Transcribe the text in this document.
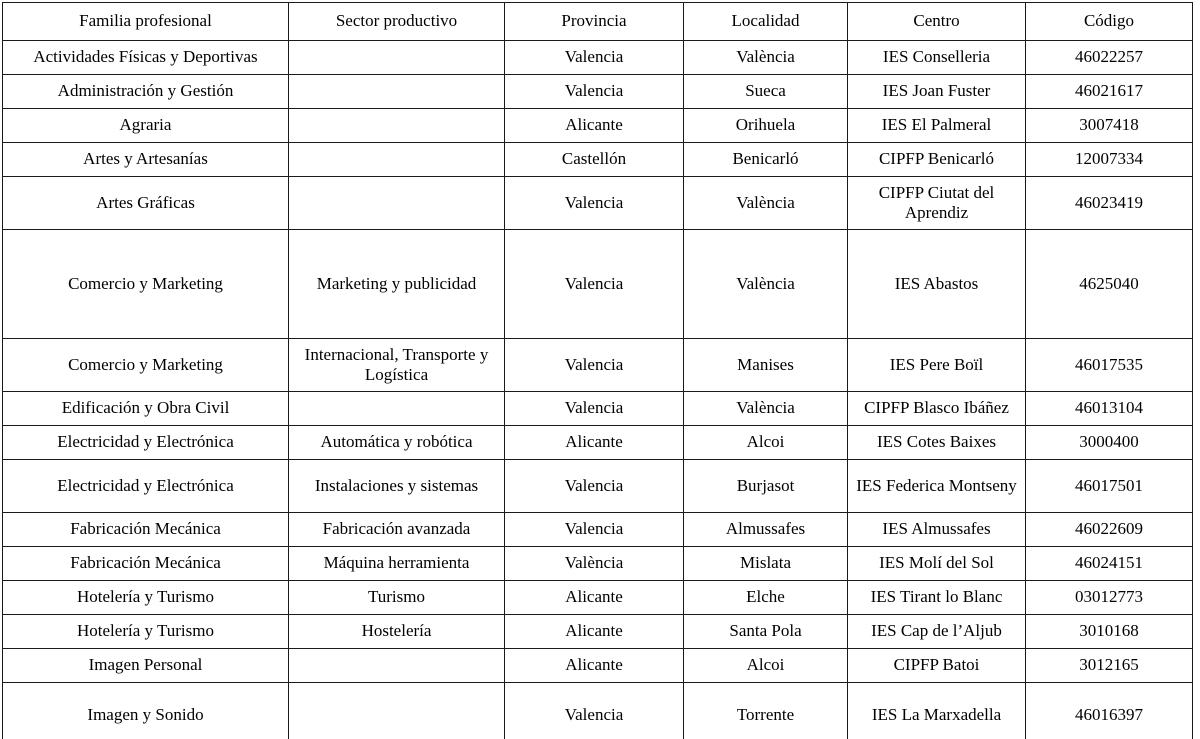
Familia profesional	Sector productivo	Provincia	Localidad	Centro	Código
Actividades Físicas y Deportivas		Valencia	València	IES Conselleria	46022257
Administración y Gestión		Valencia	Sueca	IES Joan Fuster	46021617
Agraria		Alicante	Orihuela	IES El Palmeral	3007418
Artes y Artesanías		Castellón	Benicarló	CIPFP Benicarló	12007334
Artes Gráficas		Valencia	València	CIPFP Ciutat del Aprendiz	46023419
Comercio y Marketing	Marketing y publicidad	Valencia	València	IES Abastos	4625040
Comercio y Marketing	Internacional, Transporte y Logística	Valencia	Manises	IES Pere Boïl	46017535
Edificación y Obra Civil		Valencia	València	CIPFP Blasco Ibáñez	46013104
Electricidad y Electrónica	Automática y robótica	Alicante	Alcoi	IES Cotes Baixes	3000400
Electricidad y Electrónica	Instalaciones y sistemas	Valencia	Burjasot	IES Federica Montseny	46017501
Fabricación Mecánica	Fabricación avanzada	Valencia	Almussafes	IES Almussafes	46022609
Fabricación Mecánica	Máquina herramienta	València	Mislata	IES Molí del Sol	46024151
Hotelería y Turismo	Turismo	Alicante	Elche	IES Tirant lo Blanc	03012773
Hotelería y Turismo	Hostelería	Alicante	Santa Pola	IES Cap de l’Aljub	3010168
Imagen Personal		Alicante	Alcoi	CIPFP Batoi	3012165
Imagen y Sonido		Valencia	Torrente	IES La Marxadella	46016397
